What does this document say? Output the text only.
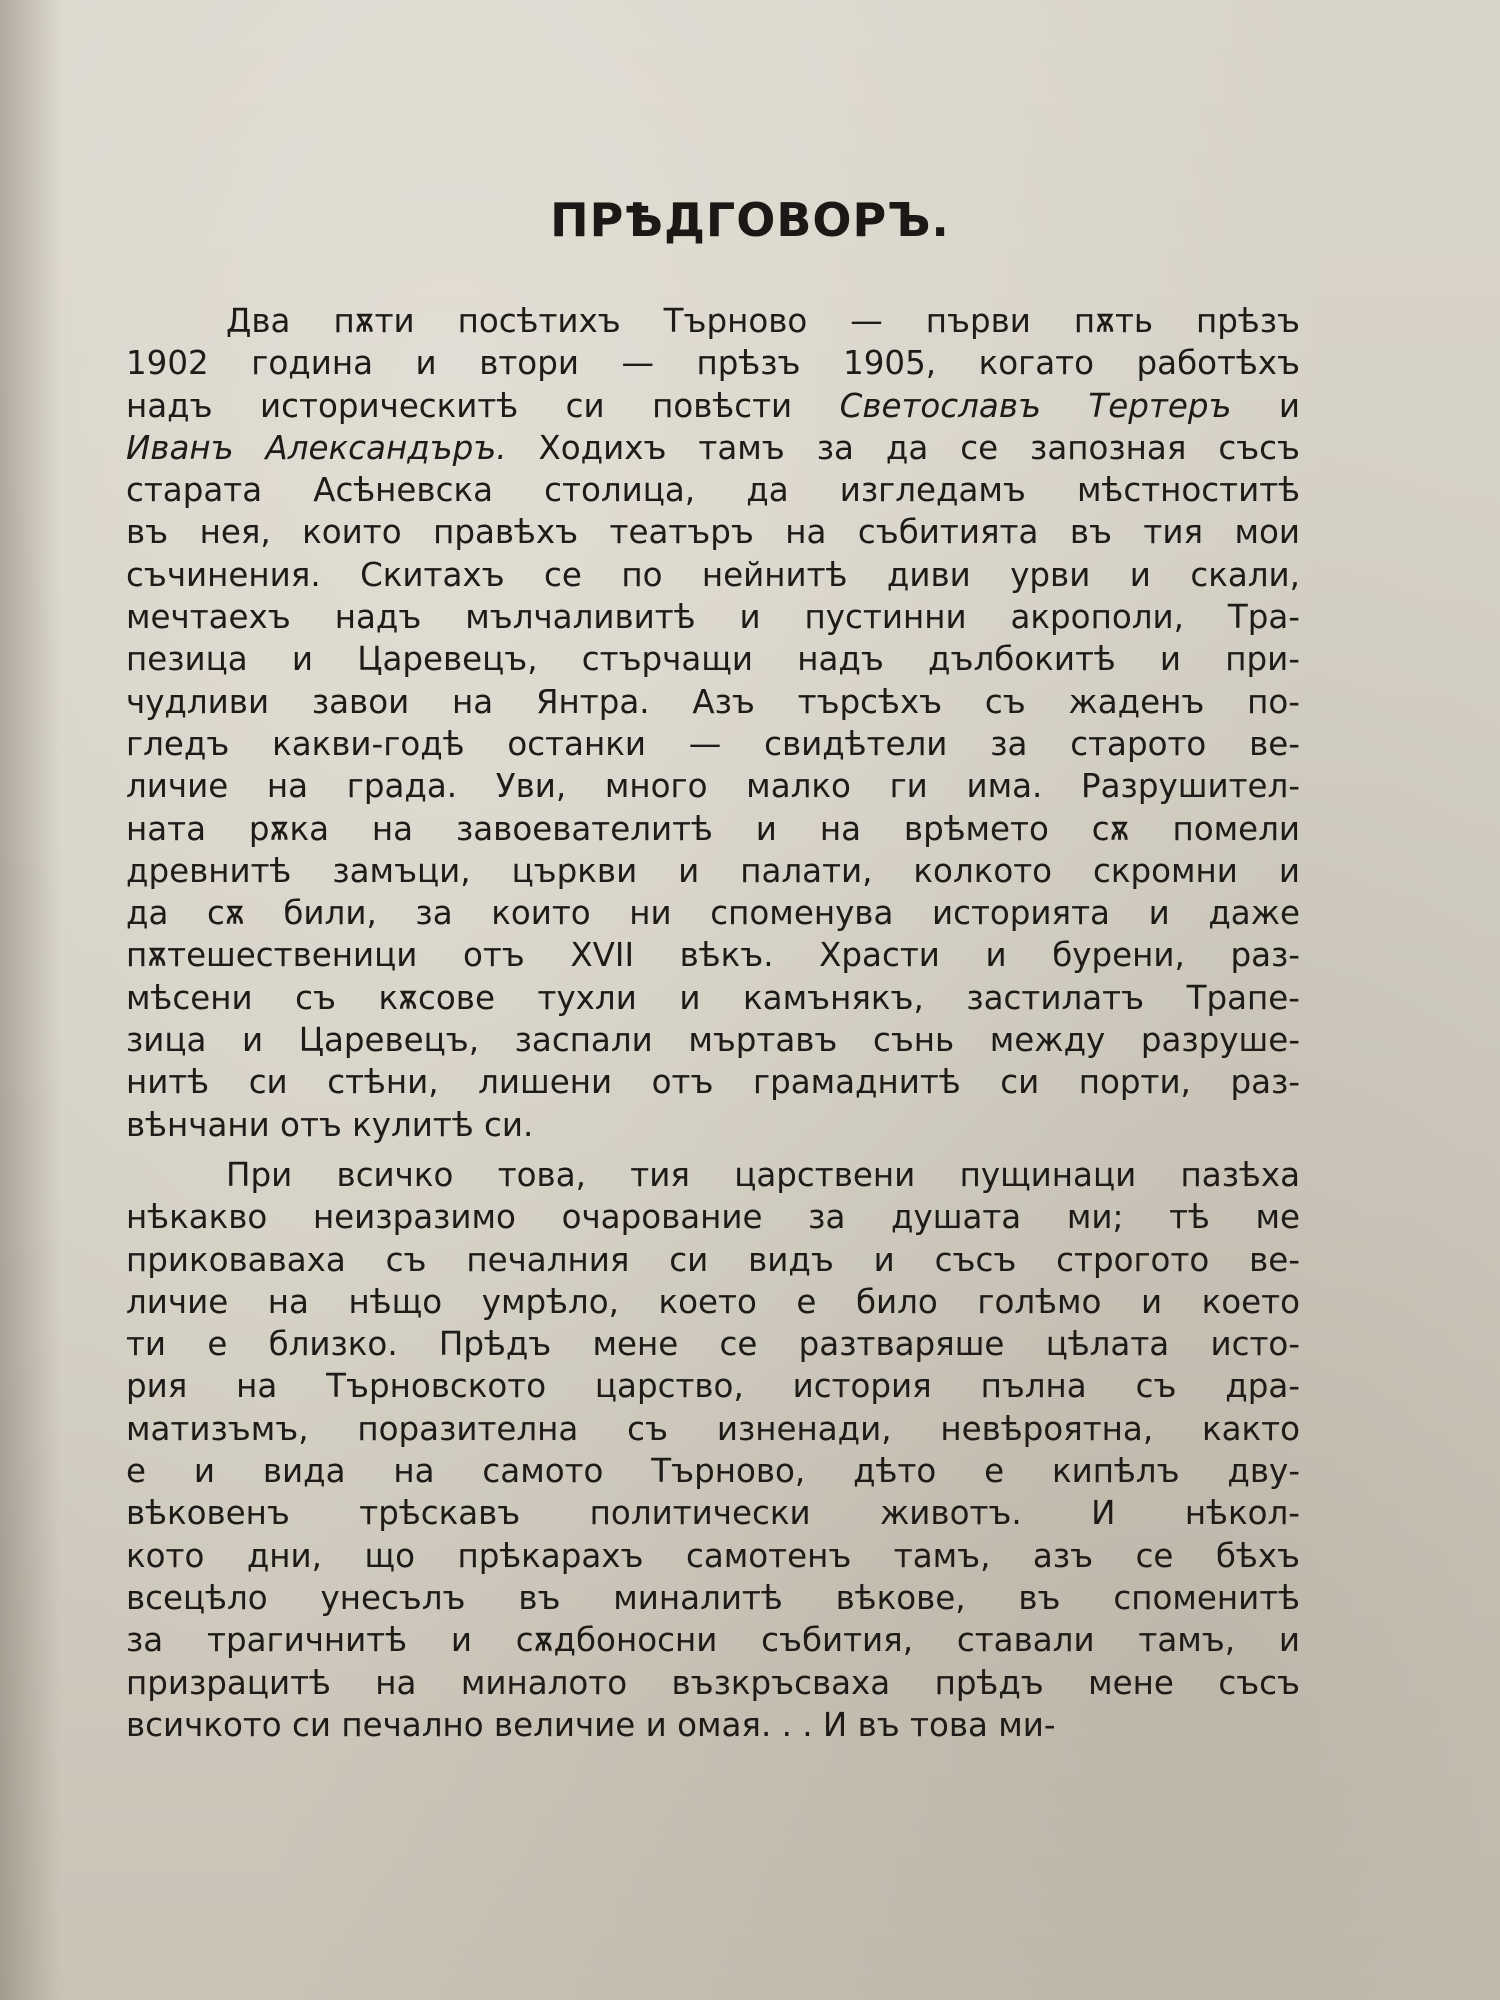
ПРѢДГОВОРЪ.
Два пѫти посѣтихъ Търново — първи пѫть прѣзъ
1902 година и втори — прѣзъ 1905, когато работѣхъ
надъ историческитѣ си повѣсти Светославъ Тертеръ и
Иванъ Александъръ. Ходихъ тамъ за да се запозная съсъ
старата Асѣневска столица, да изгледамъ мѣстноститѣ
въ нея, които правѣхъ театъръ на събитията въ тия мои
съчинения. Скитахъ се по нейнитѣ диви урви и скали,
мечтаехъ надъ мълчаливитѣ и пустинни акрополи, Тра-
пезица и Царевецъ, стърчащи надъ дълбокитѣ и при-
чудливи завои на Янтра. Азъ търсѣхъ съ жаденъ по-
гледъ какви-годѣ останки — свидѣтели за старото ве-
личие на града. Уви, много малко ги има. Разрушител-
ната рѫка на завоевателитѣ и на врѣмето сѫ помели
древнитѣ замъци, църкви и палати, колкото скромни и
да сѫ били, за които ни споменува историята и даже
пѫтешественици отъ XVII вѣкъ. Храсти и бурени, раз-
мѣсени съ кѫсове тухли и камънякъ, застилатъ Трапе-
зица и Царевецъ, заспали мъртавъ сънь между разруше-
нитѣ си стѣни, лишени отъ грамаднитѣ си порти, раз-
вѣнчани отъ кулитѣ си.
При всичко това, тия царствени пущинаци пазѣха
нѣкакво неизразимо очарование за душата ми; тѣ ме
приковаваха съ печалния си видъ и съсъ строгото ве-
личие на нѣщо умрѣло, което е било голѣмо и което
ти е близко. Прѣдъ мене се разтваряше цѣлата исто-
рия на Търновското царство, история пълна съ дра-
матизъмъ, поразителна съ изненади, невѣроятна, както
е и вида на самото Търново, дѣто е кипѣлъ дву-
вѣковенъ трѣскавъ политически животъ. И нѣкол-
кото дни, що прѣкарахъ самотенъ тамъ, азъ се бѣхъ
всецѣло унесълъ въ миналитѣ вѣкове, въ споменитѣ
за трагичнитѣ и сѫдбоносни събития, ставали тамъ, и
призрацитѣ на миналото възкръсваха прѣдъ мене съсъ
всичкото си печално величие и омая. . . И въ това ми-
